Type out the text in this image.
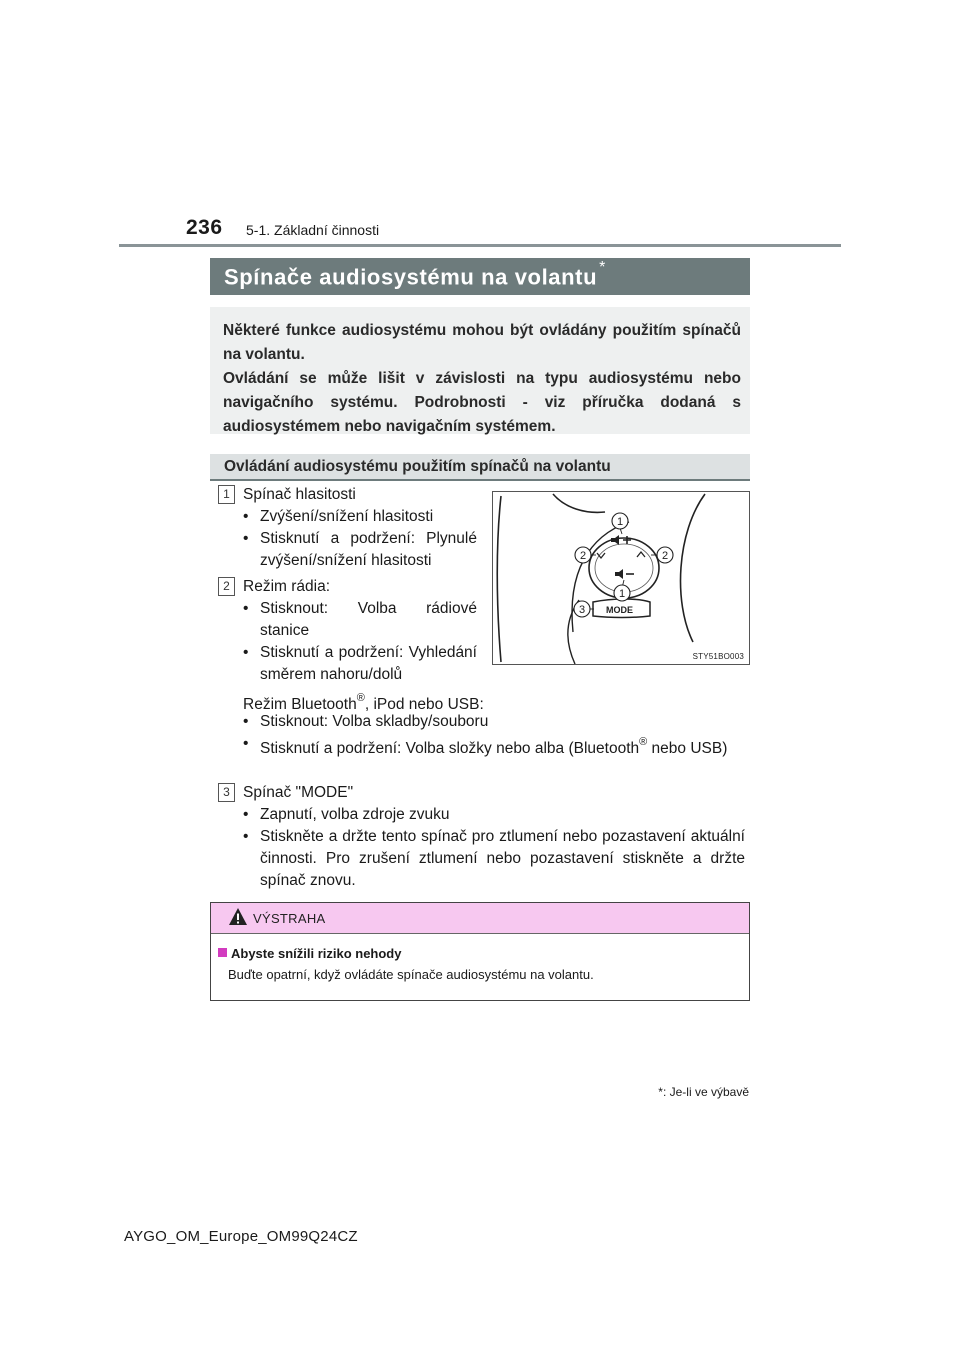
236 5-1. Základní činnosti
Spínače audiosystému na volantu *

Některé funkce audiosystému mohou být ovládány použitím spínačů na volantu.

Ovládání se může lišit v závislosti na typu audiosystému nebo navigačního systému. Podrobnosti - viz příručka dodaná s audiosystémem nebo navigačním systémem.

Ovládání audiosystému použitím spínačů na volantu
1 Spínač hlasitosti
• Zvýšení/snížení hlasitosti
• Stisknutí a podržení: Plynulé zvýšení/snížení hlasitosti
2 Režim rádia:
• Stisknout: Volba rádiové stanice
• Stisknutí a podržení: Vyhledání směrem nahoru/dolů
Režim Bluetooth®, iPod nebo USB:
• Stisknout: Volba skladby/souboru
• Stisknutí a podržení: Volba složky nebo alba (Bluetooth® nebo USB)
3 Spínač "MODE"
• Zapnutí, volba zdroje zvuku
• Stiskněte a držte tento spínač pro ztlumení nebo pozastavení aktuální činnosti. Pro zrušení ztlumení nebo pozastavení stiskněte a držte spínač znovu.
MODE
1
2	2
1
3
STY51BO003
VÝSTRAHA
Abyste snížili riziko nehody
Buďte opatrní, když ovládáte spínače audiosystému na volantu.
*: Je-li ve výbavě
AYGO_OM_Europe_OM99Q24CZ
